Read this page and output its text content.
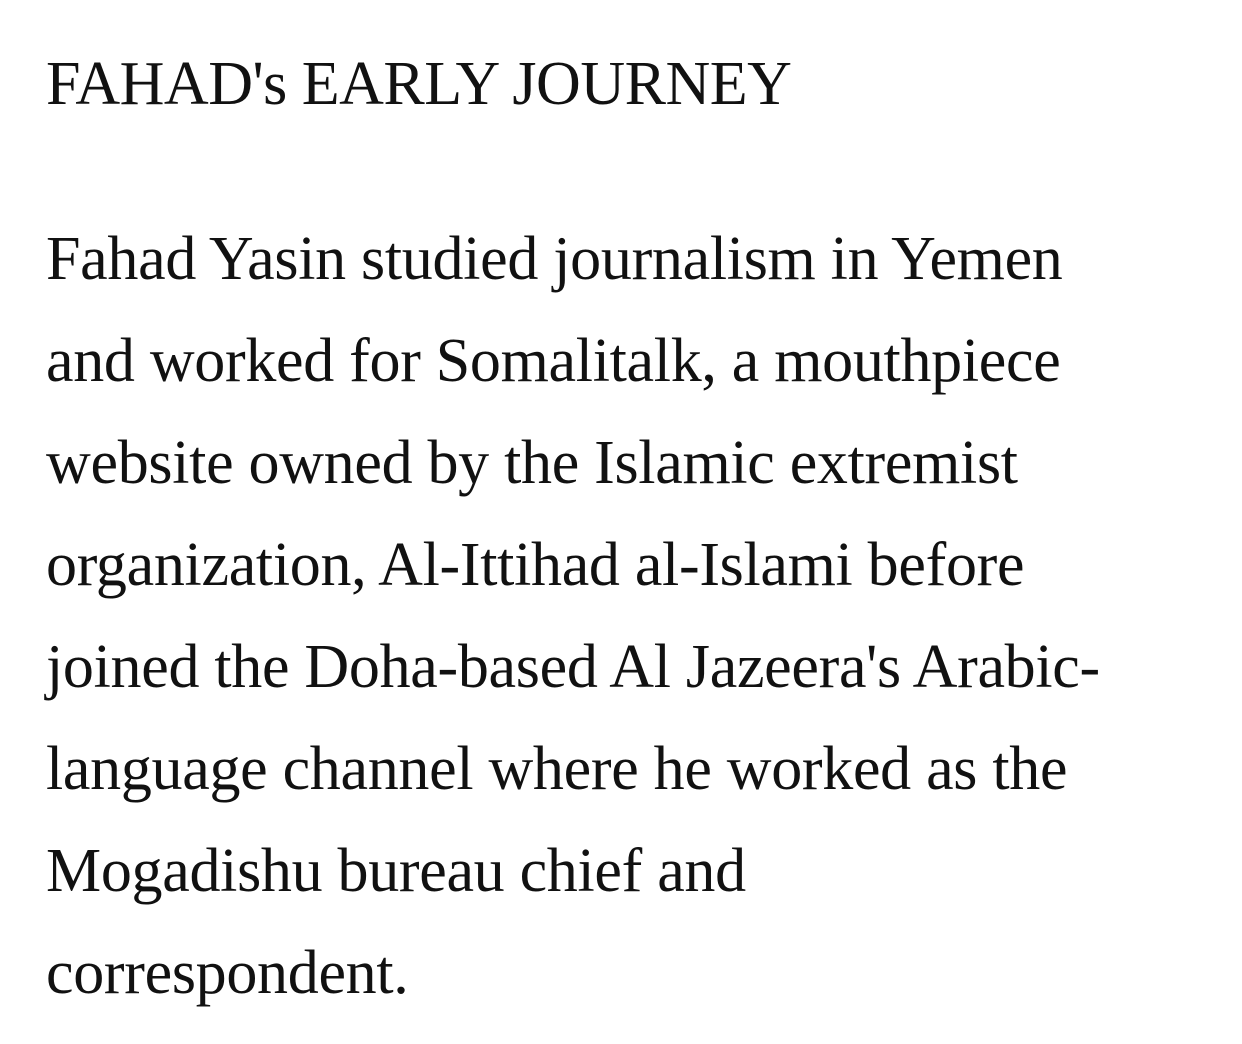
FAHAD's EARLY JOURNEY

Fahad Yasin studied journalism in Yemen
and worked for Somalitalk, a mouthpiece
website owned by the Islamic extremist
organization, Al-Ittihad al-Islami before
joined the Doha-based Al Jazeera's Arabic-
language channel where he worked as the
Mogadishu bureau chief and
correspondent.
